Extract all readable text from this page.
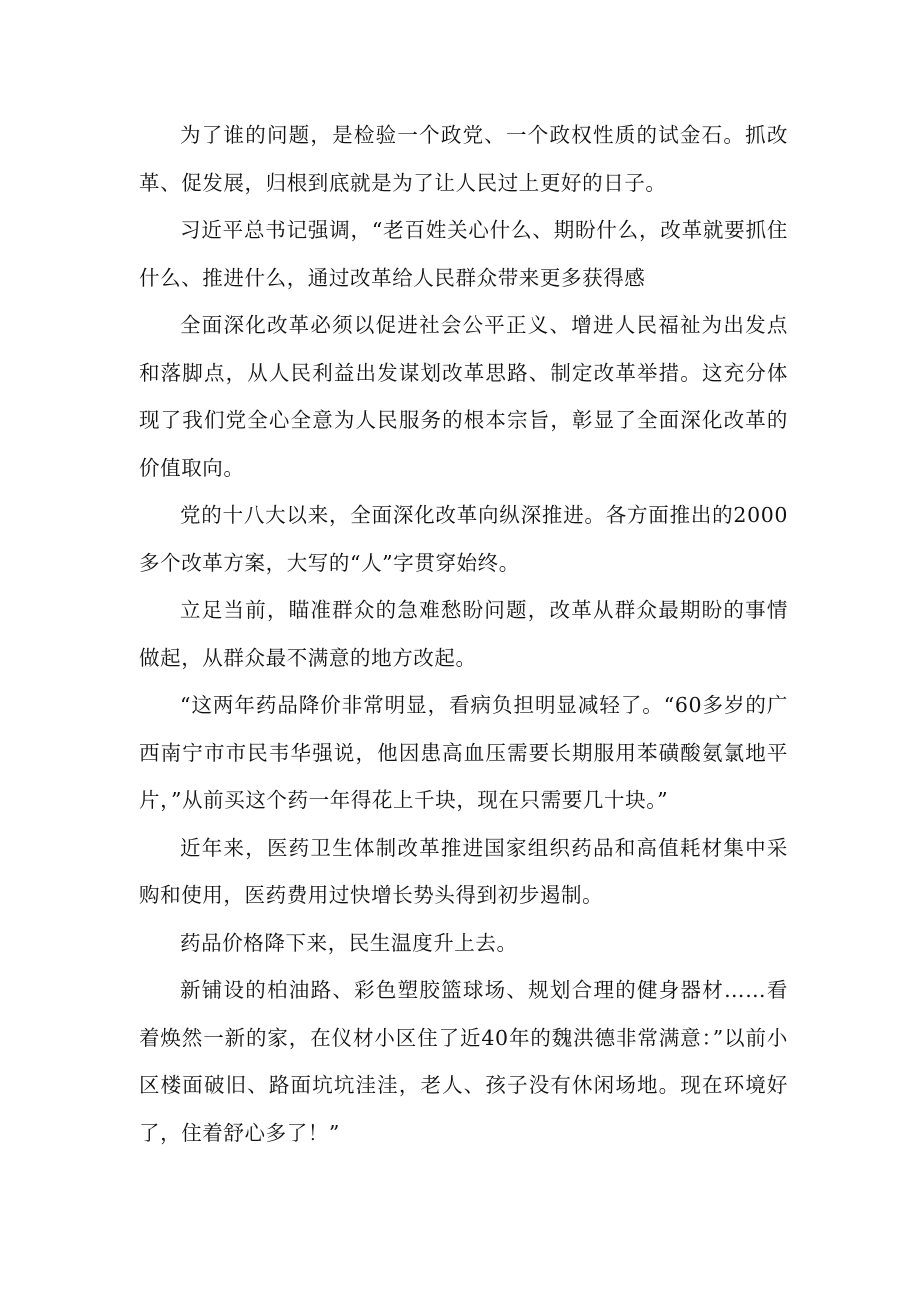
为了谁的问题，是检验一个政党、一个政权性质的试金石。抓改革、促发展，归根到底就是为了让人民过上更好的日子。

习近平总书记强调，“老百姓关心什么、期盼什么，改革就要抓住什么、推进什么，通过改革给人民群众带来更多获得感

全面深化改革必须以促进社会公平正义、增进人民福祉为出发点和落脚点，从人民利益出发谋划改革思路、制定改革举措。这充分体现了我们党全心全意为人民服务的根本宗旨，彰显了全面深化改革的价值取向。

党的十八大以来，全面深化改革向纵深推进。各方面推出的2000多个改革方案，大写的“人”字贯穿始终。

立足当前，瞄准群众的急难愁盼问题，改革从群众最期盼的事情做起，从群众最不满意的地方改起。

“这两年药品降价非常明显，看病负担明显减轻了。“60多岁的广西南宁市市民韦华强说，他因患高血压需要长期服用苯磺酸氨氯地平片，”从前买这个药一年得花上千块，现在只需要几十块。”

近年来，医药卫生体制改革推进国家组织药品和高值耗材集中采购和使用，医药费用过快增长势头得到初步遏制。

药品价格降下来，民生温度升上去。

新铺设的柏油路、彩色塑胶篮球场、规划合理的健身器材……看着焕然一新的家，在仪材小区住了近40年的魏洪德非常满意：”以前小区楼面破旧、路面坑坑洼洼，老人、孩子没有休闲场地。现在环境好了，住着舒心多了！”
